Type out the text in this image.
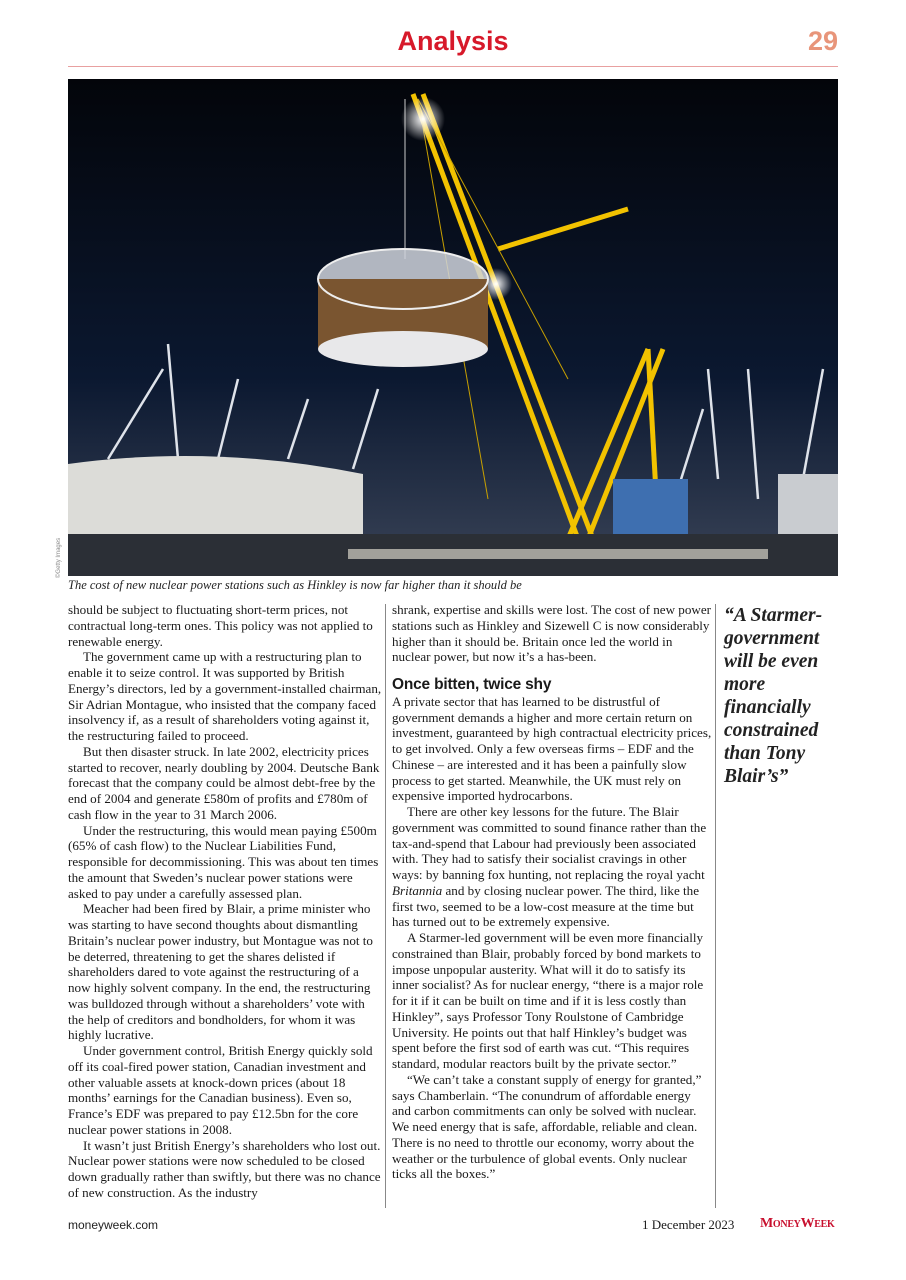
Analysis	29
©Getty Images
The cost of new nuclear power stations such as Hinkley is now far higher than it should be

should be subject to fluctuating short-term prices, not contractual long-term ones. This policy was not applied to renewable energy.

The government came up with a restructuring plan to enable it to seize control. It was supported by British Energy’s directors, led by a government-installed chairman, Sir Adrian Montague, who insisted that the company faced insolvency if, as a result of shareholders voting against it, the restructuring failed to proceed.

But then disaster struck. In late 2002, electricity prices started to recover, nearly doubling by 2004. Deutsche Bank forecast that the company could be almost debt-free by the end of 2004 and generate £580m of profits and £780m of cash flow in the year to 31 March 2006.

Under the restructuring, this would mean paying £500m (65% of cash flow) to the Nuclear Liabilities Fund, responsible for decommissioning. This was about ten times the amount that Sweden’s nuclear power stations were asked to pay under a carefully assessed plan.

Meacher had been fired by Blair, a prime minister who was starting to have second thoughts about dismantling Britain’s nuclear power industry, but Montague was not to be deterred, threatening to get the shares delisted if shareholders dared to vote against the restructuring of a now highly solvent company. In the end, the restructuring was bulldozed through without a shareholders’ vote with the help of creditors and bondholders, for whom it was highly lucrative.

Under government control, British Energy quickly sold off its coal-fired power station, Canadian investment and other valuable assets at knock-down prices (about 18 months’ earnings for the Canadian business). Even so, France’s EDF was prepared to pay £12.5bn for the core nuclear power stations in 2008.

It wasn’t just British Energy’s shareholders who lost out. Nuclear power stations were now scheduled to be closed down gradually rather than swiftly, but there was no chance of new construction. As the industry

shrank, expertise and skills were lost. The cost of new power stations such as Hinkley and Sizewell C is now considerably higher than it should be. Britain once led the world in nuclear power, but now it’s a has-been.

Once bitten, twice shy

A private sector that has learned to be distrustful of government demands a higher and more certain return on investment, guaranteed by high contractual electricity prices, to get involved. Only a few overseas firms – EDF and the Chinese – are interested and it has been a painfully slow process to get started. Meanwhile, the UK must rely on expensive imported hydrocarbons.

There are other key lessons for the future. The Blair government was committed to sound finance rather than the tax-and-spend that Labour had previously been associated with. They had to satisfy their socialist cravings in other ways: by banning fox hunting, not replacing the royal yacht Britannia and by closing nuclear power. The third, like the first two, seemed to be a low-cost measure at the time but has turned out to be extremely expensive.

A Starmer-led government will be even more financially constrained than Blair, probably forced by bond markets to impose unpopular austerity. What will it do to satisfy its inner socialist? As for nuclear energy, “there is a major role for it if it can be built on time and if it is less costly than Hinkley”, says Professor Tony Roulstone of Cambridge University. He points out that half Hinkley’s budget was spent before the first sod of earth was cut. “This requires standard, modular reactors built by the private sector.”

“We can’t take a constant supply of energy for granted,” says Chamberlain. “The conundrum of affordable energy and carbon commitments can only be solved with nuclear. We need energy that is safe, affordable, reliable and clean. There is no need to throttle our economy, worry about the weather or the turbulence of global events. Only nuclear ticks all the boxes.”

“A Starmer-government will be even more financially constrained than Tony Blair’s”
moneyweek.com	1 December 2023 MoneyWeek
